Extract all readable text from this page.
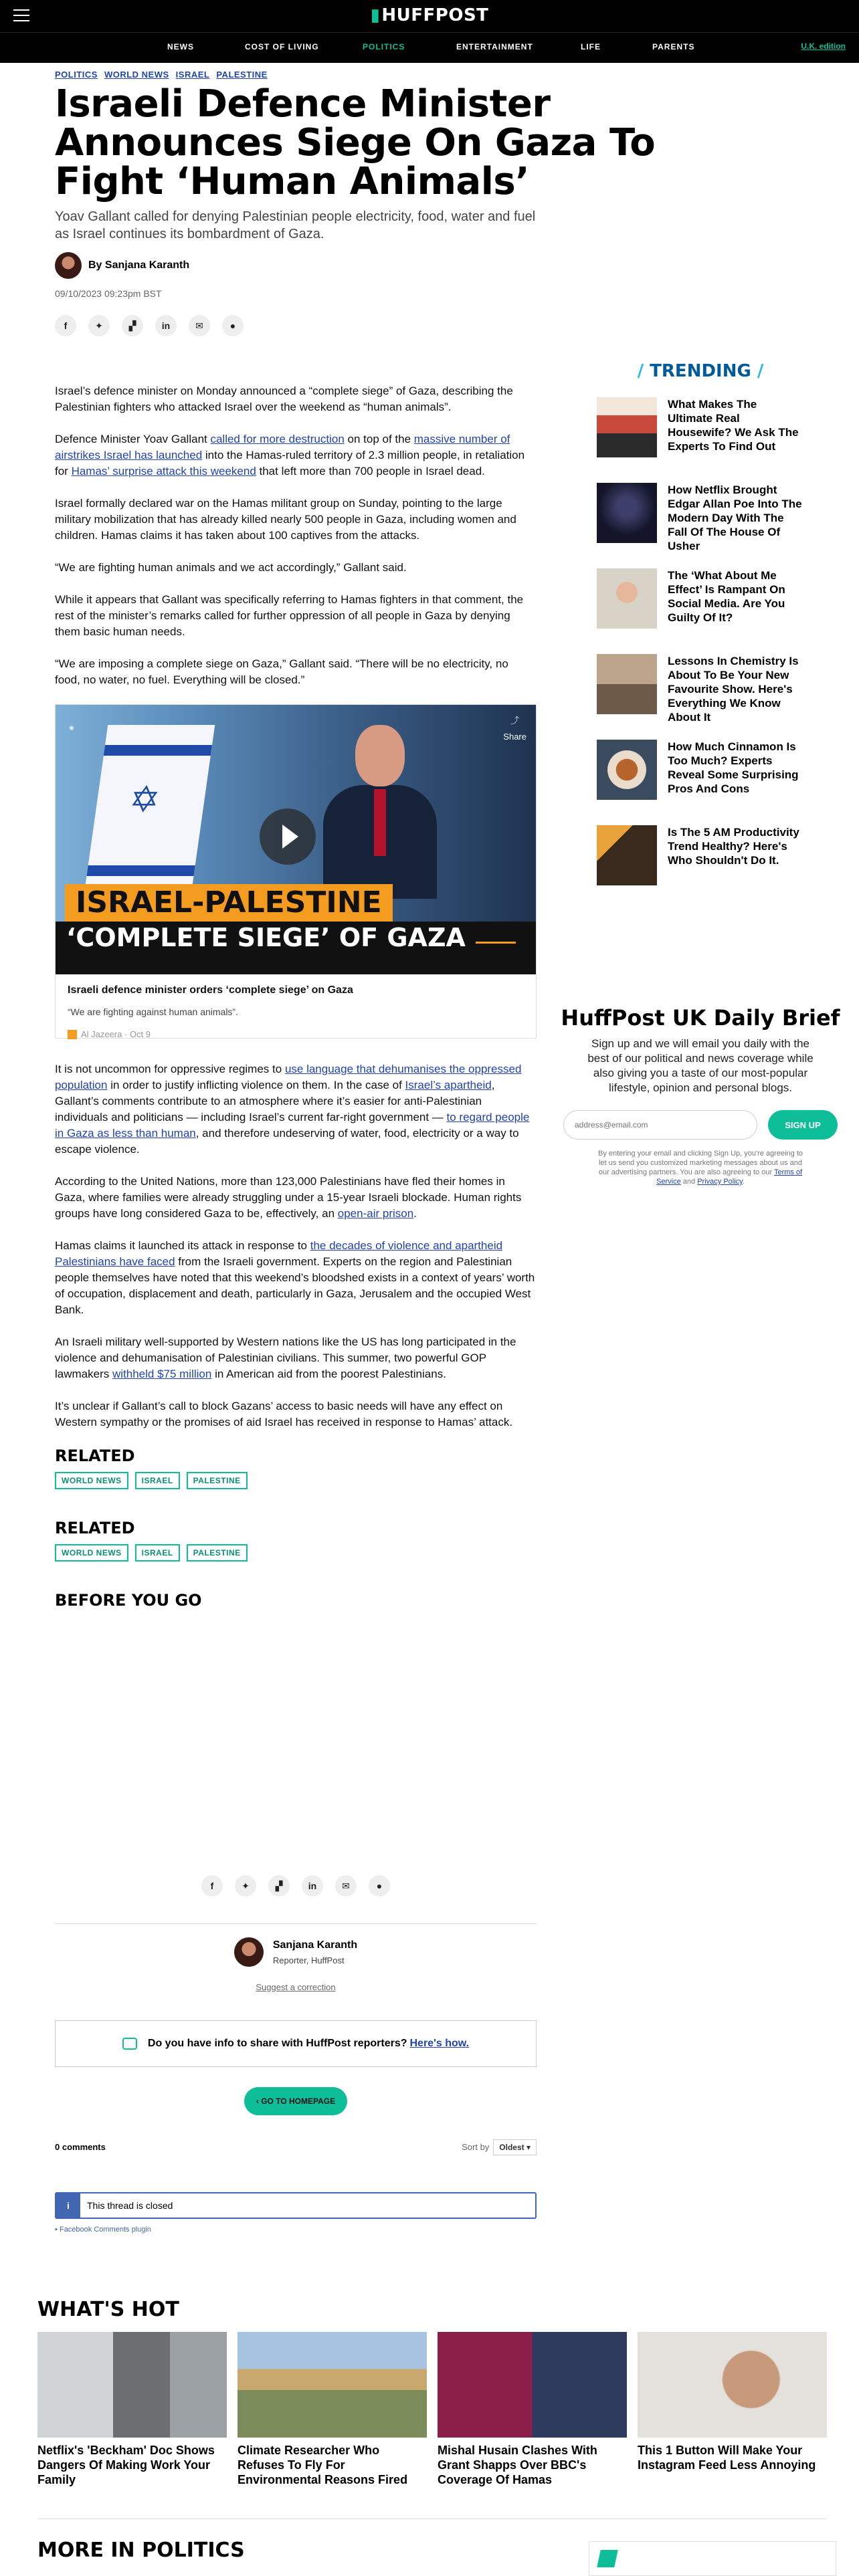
▮HUFFPOST
NEWS	COST OF LIVING	POLITICS	ENTERTAINMENT	LIFE	PARENTS	U.K. edition
POLITICS WORLD NEWS ISRAEL PALESTINE
Israeli Defence Minister Announces Siege On Gaza To Fight ‘Human Animals’
Yoav Gallant called for denying Palestinian people electricity, food, water and fuel as Israel continues its bombardment of Gaza.
By Sanjana Karanth
09/10/2023 09:23pm BST
f	✦	▞	in	✉	●

Israel’s defence minister on Monday announced a “complete siege” of Gaza, describing the Palestinian fighters who attacked Israel over the weekend as “human animals”.

Defence Minister Yoav Gallant called for more destruction on top of the massive number of airstrikes Israel has launched into the Hamas-ruled territory of 2.3 million people, in retaliation for Hamas’ surprise attack this weekend that left more than 700 people in Israel dead.

Israel formally declared war on the Hamas militant group on Sunday, pointing to the large military mobilization that has already killed nearly 500 people in Gaza, including women and children. Hamas claims it has taken about 100 captives from the attacks.

“We are fighting human animals and we act accordingly,” Gallant said.

While it appears that Gallant was specifically referring to Hamas fighters in that comment, the rest of the minister’s remarks called for further oppression of all people in Gaza by denying them basic human needs.

“We are imposing a complete siege on Gaza,” Gallant said. “There will be no electricity, no food, no water, no fuel. Everything will be closed.”

◉
✡
⤴
Share
ISRAEL-PALESTINE
‘COMPLETE SIEGE’ OF GAZA
Israeli defence minister orders ‘complete siege’ on Gaza
“We are fighting against human animals”.
Al Jazeera · Oct 9

It is not uncommon for oppressive regimes to use language that dehumanises the oppressed population in order to justify inflicting violence on them. In the case of Israel’s apartheid, Gallant’s comments contribute to an atmosphere where it’s easier for anti-Palestinian individuals and politicians — including Israel’s current far-right government — to regard people in Gaza as less than human, and therefore undeserving of water, food, electricity or a way to escape violence.

According to the United Nations, more than 123,000 Palestinians have fled their homes in Gaza, where families were already struggling under a 15-year Israeli blockade. Human rights groups have long considered Gaza to be, effectively, an open-air prison.

Hamas claims it launched its attack in response to the decades of violence and apartheid Palestinians have faced from the Israeli government. Experts on the region and Palestinian people themselves have noted that this weekend’s bloodshed exists in a context of years’ worth of occupation, displacement and death, particularly in Gaza, Jerusalem and the occupied West Bank.

An Israeli military well-supported by Western nations like the US has long participated in the violence and dehumanisation of Palestinian civilians. This summer, two powerful GOP lawmakers withheld $75 million in American aid from the poorest Palestinians.

It’s unclear if Gallant’s call to block Gazans’ access to basic needs will have any effect on Western sympathy or the promises of aid Israel has received in response to Hamas’ attack.

RELATED
WORLD NEWS	ISRAEL	PALESTINE
RELATED
WORLD NEWS	ISRAEL	PALESTINE
BEFORE YOU GO
/ TRENDING /
What Makes The Ultimate Real Housewife? We Ask The Experts To Find Out
How Netflix Brought Edgar Allan Poe Into The Modern Day With The Fall Of The House Of Usher
The ‘What About Me Effect’ Is Rampant On Social Media. Are You Guilty Of It?
Lessons In Chemistry Is About To Be Your New Favourite Show. Here's Everything We Know About It
How Much Cinnamon Is Too Much? Experts Reveal Some Surprising Pros And Cons
Is The 5 AM Productivity Trend Healthy? Here's Who Shouldn't Do It.
HuffPost UK Daily Brief

Sign up and we will email you daily with the best of our political and news coverage while also giving you a taste of our most-popular lifestyle, opinion and personal blogs.

address@email.com
SIGN UP
By entering your email and clicking Sign Up, you're agreeing to let us send you customized marketing messages about us and our advertising partners. You are also agreeing to our Terms of Service and Privacy Policy.
f	✦	▞	in	✉	●
Sanjana Karanth
Reporter, HuffPost
Suggest a correction
Do you have info to share with HuffPost reporters? Here's how.
‹ GO TO HOMEPAGE
0 comments	Sort by Oldest ▾
i	This thread is closed
▪ Facebook Comments plugin
WHAT'S HOT
Netflix's 'Beckham' Doc Shows Dangers Of Making Work Your Family
Climate Researcher Who Refuses To Fly For Environmental Reasons Fired
Mishal Husain Clashes With Grant Shapps Over BBC's Coverage Of Hamas
This 1 Button Will Make Your Instagram Feed Less Annoying
MORE IN POLITICS
